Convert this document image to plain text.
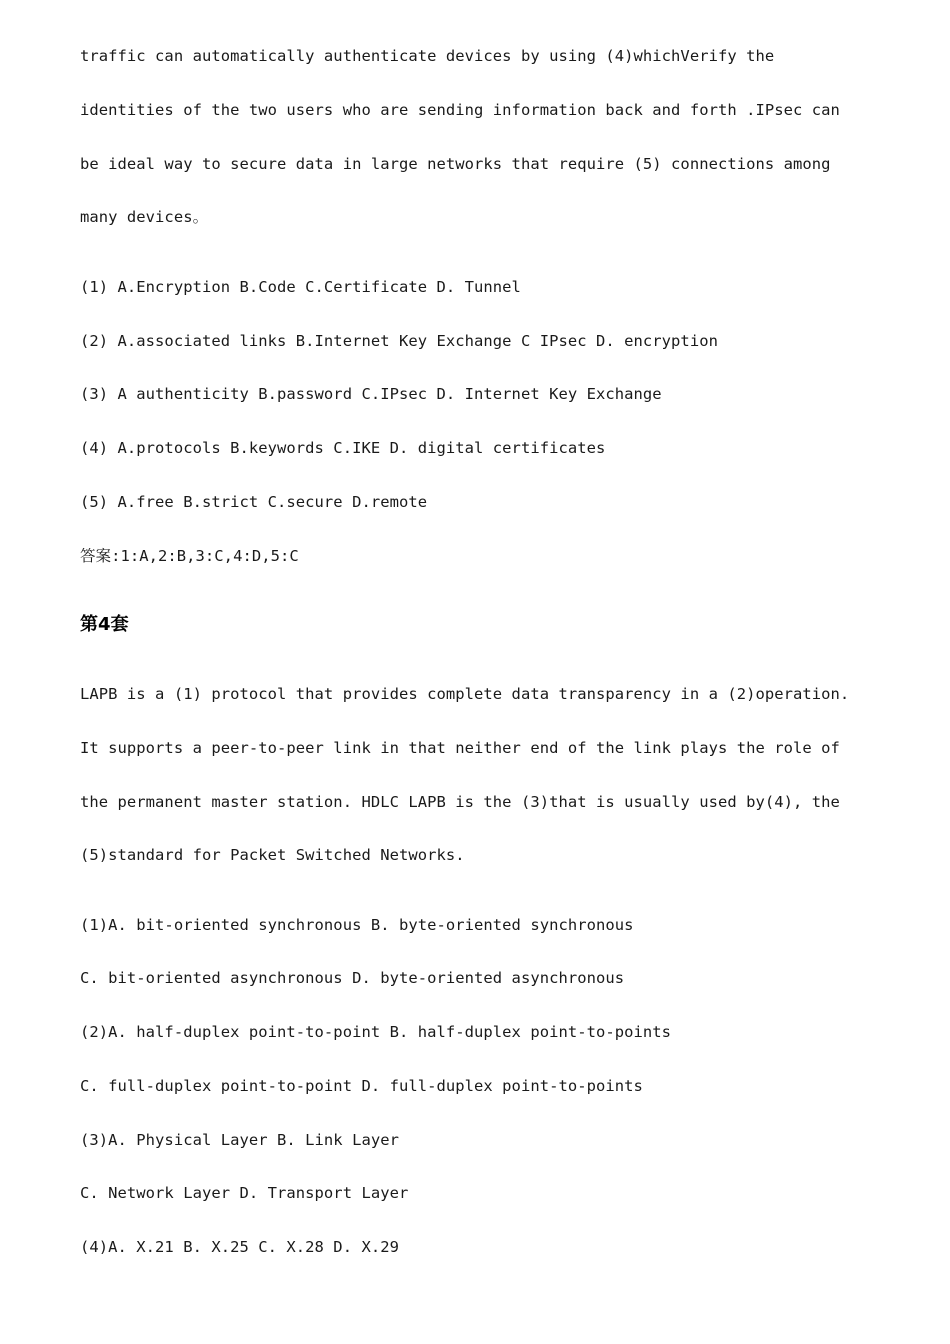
traffic can automatically authenticate devices by using (4)whichVerify the
identities of the two users who are sending information back and forth .IPsec can
be ideal way to secure data in large networks that require (5) connections among
many devices。
(1) A.Encryption B.Code C.Certificate D. Tunnel
(2) A.associated links B.Internet Key Exchange C IPsec D. encryption
(3) A authenticity B.password C.IPsec D. Internet Key Exchange
(4) A.protocols B.keywords C.IKE D. digital certificates
(5) A.free B.strict C.secure D.remote
答案:1:A,2:B,3:C,4:D,5:C
第4套
LAPB is a (1) protocol that provides complete data transparency in a (2)operation.
It supports a peer-to-peer link in that neither end of the link plays the role of
the permanent master station. HDLC LAPB is the (3)that is usually used by(4), the
(5)standard for Packet Switched Networks.
(1)A. bit-oriented synchronous B. byte-oriented synchronous
C. bit-oriented asynchronous D. byte-oriented asynchronous
(2)A. half-duplex point-to-point B. half-duplex point-to-points
C. full-duplex point-to-point D. full-duplex point-to-points
(3)A. Physical Layer B. Link Layer
C. Network Layer D. Transport Layer
(4)A. X.21 B. X.25 C. X.28 D. X.29
